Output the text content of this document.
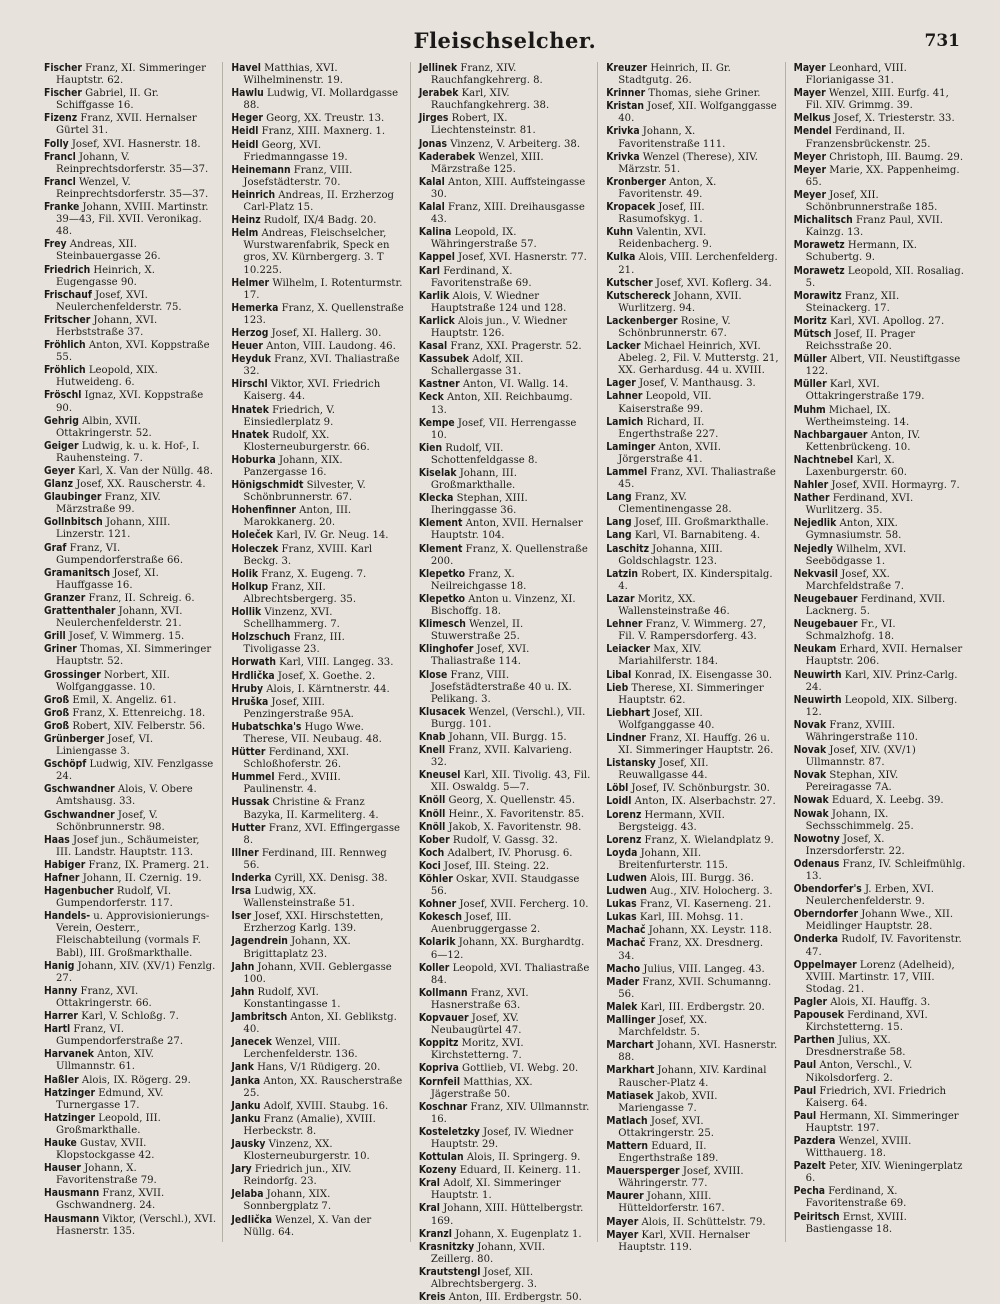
Fleischselcher.	731
Fischer Franz, XI. Simmeringer Hauptstr. 62.
Fischer Gabriel, II. Gr. Schiffgasse 16.
Fizenz Franz, XVII. Hernalser Gürtel 31.
Folly Josef, XVI. Hasnerstr. 18.
Francl Johann, V. Reinprechtsdorferstr. 35—37.
Francl Wenzel, V. Reinprechtsdorferstr. 35—37.
Franke Johann, XVIII. Martinstr. 39—43, Fil. XVII. Veronikag. 48.
Frey Andreas, XII. Steinbauergasse 26.
Friedrich Heinrich, X. Eugengasse 90.
Frischauf Josef, XVI. Neulerchenfelderstr. 75.
Fritscher Johann, XVI. Herbststraße 37.
Fröhlich Anton, XVI. Koppstraße 55.
Fröhlich Leopold, XIX. Hutweideng. 6.
Fröschl Ignaz, XVI. Koppstraße 90.
Gehrig Albin, XVII. Ottakringerstr. 52.
Geiger Ludwig, k. u. k. Hof-, I. Rauhensteing. 7.
Geyer Karl, X. Van der Nüllg. 48.
Glanz Josef, XX. Rauscherstr. 4.
Glaubinger Franz, XIV. Märzstraße 99.
Gollnbitsch Johann, XIII. Linzerstr. 121.
Graf Franz, VI. Gumpendorferstraße 66.
Gramanitsch Josef, XI. Hauffgasse 16.
Granzer Franz, II. Schreig. 6.
Grattenthaler Johann, XVI. Neulerchenfelderstr. 21.
Grill Josef, V. Wimmerg. 15.
Griner Thomas, XI. Simmeringer Hauptstr. 52.
Grossinger Norbert, XII. Wolfganggasse. 10.
Groß Emil, X. Angeliz. 61.
Groß Franz, X. Ettenreichg. 18.
Groß Robert, XIV. Felberstr. 56.
Grünberger Josef, VI. Liniengasse 3.
Gschöpf Ludwig, XIV. Fenzlgasse 24.
Gschwandner Alois, V. Obere Amtshausg. 33.
Gschwandner Josef, V. Schönbrunnerstr. 98.
Haas Josef jun., Schäumeister, III. Landstr. Hauptstr. 113.
Habiger Franz, IX. Pramerg. 21.
Hafner Johann, II. Czernig. 19.
Hagenbucher Rudolf, VI. Gumpendorferstr. 117.
Handels- u. Approvisionierungs-Verein, Oesterr., Fleischabteilung (vormals F. Babl), III. Großmarkthalle.
Hanig Johann, XIV. (XV/1) Fenzlg. 27.
Hanny Franz, XVI. Ottakringerstr. 66.
Harrer Karl, V. Schloßg. 7.
Hartl Franz, VI. Gumpendorferstraße 27.
Harvanek Anton, XIV. Ullmannstr. 61.
Haßler Alois, IX. Rögerg. 29.
Hatzinger Edmund, XV. Turnergasse 17.
Hatzinger Leopold, III. Großmarkthalle.
Hauke Gustav, XVII. Klopstockgasse 42.
Hauser Johann, X. Favoritenstraße 79.
Hausmann Franz, XVII. Gschwandnerg. 24.
Hausmann Viktor, (Verschl.), XVI. Hasnerstr. 135.
Havel Matthias, XVI. Wilhelminenstr. 19.
Hawlu Ludwig, VI. Mollardgasse 88.
Heger Georg, XX. Treustr. 13.
Heidl Franz, XIII. Maxnerg. 1.
Heidl Georg, XVI. Friedmanngasse 19.
Heinemann Franz, VIII. Josefstädterstr. 70.
Heinrich Andreas, II. Erzherzog Carl-Platz 15.
Heinz Rudolf, IX/4 Badg. 20.
Helm Andreas, Fleischselcher, Wurstwarenfabrik, Speck en gros, XV. Kürnbergerg. 3. T 10.225.
Helmer Wilhelm, I. Rotenturmstr. 17.
Hemerka Franz, X. Quellenstraße 123.
Herzog Josef, XI. Hallerg. 30.
Heuer Anton, VIII. Laudong. 46.
Heyduk Franz, XVI. Thaliastraße 32.
Hirschl Viktor, XVI. Friedrich Kaiserg. 44.
Hnatek Friedrich, V. Einsiedlerplatz 9.
Hnatek Rudolf, XX. Klosterneuburgerstr. 66.
Hoburka Johann, XIX. Panzergasse 16.
Hönigschmidt Silvester, V. Schönbrunnerstr. 67.
Hohenfinner Anton, III. Marokkanerg. 20.
Holeček Karl, IV. Gr. Neug. 14.
Holeczek Franz, XVIII. Karl Beckg. 3.
Holik Franz, X. Eugeng. 7.
Holkup Franz, XII. Albrechtsbergerg. 35.
Hollik Vinzenz, XVI. Schellhammerg. 7.
Holzschuch Franz, III. Tivoligasse 23.
Horwath Karl, VIII. Langeg. 33.
Hrdlička Josef, X. Goethe. 2.
Hruby Alois, I. Kärntnerstr. 44.
Hruška Josef, XIII. Penzingerstraße 95A.
Hubatschka's Hugo Wwe. Therese, VII. Neubaug. 48.
Hütter Ferdinand, XXI. Schloßhoferstr. 26.
Hummel Ferd., XVIII. Paulinenstr. 4.
Hussak Christine & Franz Bazyka, II. Karmeliterg. 4.
Hutter Franz, XVI. Effingergasse 8.
Illner Ferdinand, III. Rennweg 56.
Inderka Cyrill, XX. Denisg. 38.
Irsa Ludwig, XX. Wallensteinstraße 51.
Iser Josef, XXI. Hirschstetten, Erzherzog Karlg. 139.
Jagendrein Johann, XX. Brigittaplatz 23.
Jahn Johann, XVII. Geblergasse 100.
Jahn Rudolf, XVI. Konstantingasse 1.
Jambritsch Anton, XI. Geblikstg. 40.
Janecek Wenzel, VIII. Lerchenfelderstr. 136.
Jank Hans, V/1 Rüdigerg. 20.
Janka Anton, XX. Rauscherstraße 25.
Janku Adolf, XVIII. Staubg. 16.
Janku Franz (Amalie), XVIII. Herbeckstr. 8.
Jausky Vinzenz, XX. Klosterneuburgerstr. 10.
Jary Friedrich jun., XIV. Reindorfg. 23.
Jelaba Johann, XIX. Sonnbergplatz 7.
Jedlička Wenzel, X. Van der Nüllg. 64.
Jellinek Franz, XIV. Rauchfangkehrerg. 8.
Jerabek Karl, XIV. Rauchfangkehrerg. 38.
Jirges Robert, IX. Liechtensteinstr. 81.
Jonas Vinzenz, V. Arbeiterg. 38.
Kaderabek Wenzel, XIII. Märzstraße 125.
Kalal Anton, XIII. Auffsteingasse 30.
Kalal Franz, XIII. Dreihausgasse 43.
Kalina Leopold, IX. Währingerstraße 57.
Kappel Josef, XVI. Hasnerstr. 77.
Karl Ferdinand, X. Favoritenstraße 69.
Karlik Alois, V. Wiedner Hauptstraße 124 und 128.
Karlick Alois jun., V. Wiedner Hauptstr. 126.
Kasal Franz, XXI. Pragerstr. 52.
Kassubek Adolf, XII. Schallergasse 31.
Kastner Anton, VI. Wallg. 14.
Keck Anton, XII. Reichbaumg. 13.
Kempe Josef, VII. Herrengasse 10.
Kien Rudolf, VII. Schottenfeldgasse 8.
Kiselak Johann, III. Großmarkthalle.
Klecka Stephan, XIII. Iheringgasse 36.
Klement Anton, XVII. Hernalser Hauptstr. 104.
Klement Franz, X. Quellenstraße 200.
Klepetko Franz, X. Neilreichgasse 18.
Klepetko Anton u. Vinzenz, XI. Bischoffg. 18.
Klimesch Wenzel, II. Stuwerstraße 25.
Klinghofer Josef, XVI. Thaliastraße 114.
Klose Franz, VIII. Josefstädterstraße 40 u. IX. Pelikang. 3.
Klusacek Wenzel, (Verschl.), VII. Burgg. 101.
Knab Johann, VII. Burgg. 15.
Knell Franz, XVII. Kalvarieng. 32.
Kneusel Karl, XII. Tivolig. 43, Fil. XII. Oswaldg. 5—7.
Knöll Georg, X. Quellenstr. 45.
Knöll Heinr., X. Favoritenstr. 85.
Knöll Jakob, X. Favoritenstr. 98.
Kober Rudolf, V. Gassg. 32.
Koch Adalbert, IV. Phorusg. 6.
Koci Josef, III. Steing. 22.
Köhler Oskar, XVII. Staudgasse 56.
Kohner Josef, XVII. Fercherg. 10.
Kokesch Josef, III. Auenbruggergasse 2.
Kolarik Johann, XX. Burghardtg. 6—12.
Koller Leopold, XVI. Thaliastraße 84.
Kollmann Franz, XVI. Hasnerstraße 63.
Kopvauer Josef, XV. Neubaugürtel 47.
Koppitz Moritz, XVI. Kirchstetterng. 7.
Kopriva Gottlieb, VI. Webg. 20.
Kornfeil Matthias, XX. Jägerstraße 50.
Koschnar Franz, XIV. Ullmannstr. 16.
Kosteletzky Josef, IV. Wiedner Hauptstr. 29.
Kottulan Alois, II. Springerg. 9.
Kozeny Eduard, II. Keinerg. 11.
Kral Adolf, XI. Simmeringer Hauptstr. 1.
Kral Johann, XIII. Hüttelbergstr. 169.
Kranzl Johann, X. Eugenplatz 1.
Krasnitzky Johann, XVII. Zeillerg. 80.
Krautstengl Josef, XII. Albrechtsbergerg. 3.
Kreis Anton, III. Erdbergstr. 50.
Kreuzer Heinrich, II. Gr. Stadtgutg. 26.
Krinner Thomas, siehe Griner.
Kristan Josef, XII. Wolfganggasse 40.
Krivka Johann, X. Favoritenstraße 111.
Krivka Wenzel (Therese), XIV. Märzstr. 51.
Kronberger Anton, X. Favoritenstr. 49.
Kropacek Josef, III. Rasumofskyg. 1.
Kuhn Valentin, XVI. Reidenbacherg. 9.
Kulka Alois, VIII. Lerchenfelderg. 21.
Kutscher Josef, XVI. Koflerg. 34.
Kutschereck Johann, XVII. Wurlitzerg. 94.
Lackenberger Rosine, V. Schönbrunnerstr. 67.
Lacker Michael Heinrich, XVI. Abeleg. 2, Fil. V. Mutterstg. 21, XX. Gerhardusg. 44 u. XVIII.
Lager Josef, V. Manthausg. 3.
Lahner Leopold, VII. Kaiserstraße 99.
Lamich Richard, II. Engerthstraße 227.
Laminger Anton, XVII. Jörgerstraße 41.
Lammel Franz, XVI. Thaliastraße 45.
Lang Franz, XV. Clementinengasse 28.
Lang Josef, III. Großmarkthalle.
Lang Karl, VI. Barnabiteng. 4.
Laschitz Johanna, XIII. Goldschlagstr. 123.
Latzin Robert, IX. Kinderspitalg. 4.
Lazar Moritz, XX. Wallensteinstraße 46.
Lehner Franz, V. Wimmerg. 27, Fil. V. Rampersdorferg. 43.
Leiacker Max, XIV. Mariahilferstr. 184.
Libal Konrad, IX. Eisengasse 30.
Lieb Therese, XI. Simmeringer Hauptstr. 62.
Liebhart Josef, XII. Wolfganggasse 40.
Lindner Franz, XI. Hauffg. 26 u. XI. Simmeringer Hauptstr. 26.
Listansky Josef, XII. Reuwallgasse 44.
Löbl Josef, IV. Schönburgstr. 30.
Loidl Anton, IX. Alserbachstr. 27.
Lorenz Hermann, XVII. Bergsteigg. 43.
Lorenz Franz, X. Wielandplatz 9.
Loyda Johann, XII. Breitenfurterstr. 115.
Ludwen Alois, III. Burgg. 36.
Ludwen Aug., XIV. Holocherg. 3.
Lukas Franz, VI. Kaserneng. 21.
Lukas Karl, III. Mohsg. 11.
Machač Johann, XX. Leystr. 118.
Machač Franz, XX. Dresdnerg. 34.
Macho Julius, VIII. Langeg. 43.
Mader Franz, XVII. Schumanng. 56.
Malek Karl, III. Erdbergstr. 20.
Mallinger Josef, XX. Marchfeldstr. 5.
Marchart Johann, XVI. Hasnerstr. 88.
Markhart Johann, XIV. Kardinal Rauscher-Platz 4.
Matiasek Jakob, XVII. Mariengasse 7.
Matlach Josef, XVI. Ottakringerstr. 25.
Mattern Eduard, II. Engerthstraße 189.
Mauersperger Josef, XVIII. Währingerstr. 77.
Maurer Johann, XIII. Hütteldorferstr. 167.
Mayer Alois, II. Schüttelstr. 79.
Mayer Karl, XVII. Hernalser Hauptstr. 119.
Mayer Leonhard, VIII. Florianigasse 31.
Mayer Wenzel, XIII. Eurfg. 41, Fil. XIV. Grimmg. 39.
Melkus Josef, X. Triesterstr. 33.
Mendel Ferdinand, II. Franzensbrückenstr. 25.
Meyer Christoph, III. Baumg. 29.
Meyer Marie, XX. Pappenheimg. 65.
Meyer Josef, XII. Schönbrunnerstraße 185.
Michalitsch Franz Paul, XVII. Kainzg. 13.
Morawetz Hermann, IX. Schubertg. 9.
Morawetz Leopold, XII. Rosaliag. 5.
Morawitz Franz, XII. Steinackerg. 17.
Moritz Karl, XVI. Apollog. 27.
Mütsch Josef, II. Prager Reichsstraße 20.
Müller Albert, VII. Neustiftgasse 122.
Müller Karl, XVI. Ottakringerstraße 179.
Muhm Michael, IX. Wertheimsteing. 14.
Nachbargauer Anton, IV. Kettenbrückeng. 10.
Nachtnebel Karl, X. Laxenburgerstr. 60.
Nahler Josef, XVII. Hormayrg. 7.
Nather Ferdinand, XVI. Wurlitzerg. 35.
Nejedlik Anton, XIX. Gymnasiumstr. 58.
Nejedly Wilhelm, XVI. Seebödgasse 1.
Nekvasil Josef, XX. Marchfeldstraße 7.
Neugebauer Ferdinand, XVII. Lacknerg. 5.
Neugebauer Fr., VI. Schmalzhofg. 18.
Neukam Erhard, XVII. Hernalser Hauptstr. 206.
Neuwirth Karl, XIV. Prinz-Carlg. 24.
Neuwirth Leopold, XIX. Silberg. 12.
Novak Franz, XVIII. Währingerstraße 110.
Novak Josef, XIV. (XV/1) Ullmannstr. 87.
Novak Stephan, XIV. Pereiragasse 7A.
Nowak Eduard, X. Leebg. 39.
Nowak Johann, IX. Sechsschimmelg. 25.
Nowotny Josef, X. Inzersdorferstr. 22.
Odenaus Franz, IV. Schleifmühlg. 13.
Obendorfer's J. Erben, XVI. Neulerchenfelderstr. 9.
Oberndorfer Johann Wwe., XII. Meidlinger Hauptstr. 28.
Onderka Rudolf, IV. Favoritenstr. 47.
Oppelmayer Lorenz (Adelheid), XVIII. Martinstr. 17, VIII. Stodag. 21.
Pagler Alois, XI. Hauffg. 3.
Papousek Ferdinand, XVI. Kirchstetterng. 15.
Parthen Julius, XX. Dresdnerstraße 58.
Paul Anton, Verschl., V. Nikolsdorferg. 2.
Paul Friedrich, XVI. Friedrich Kaiserg. 64.
Paul Hermann, XI. Simmeringer Hauptstr. 197.
Pazdera Wenzel, XVIII. Witthauerg. 18.
Pazelt Peter, XIV. Wieningerplatz 6.
Pecha Ferdinand, X. Favoritenstraße 69.
Peiritsch Ernst, XVIII. Bastiengasse 18.
